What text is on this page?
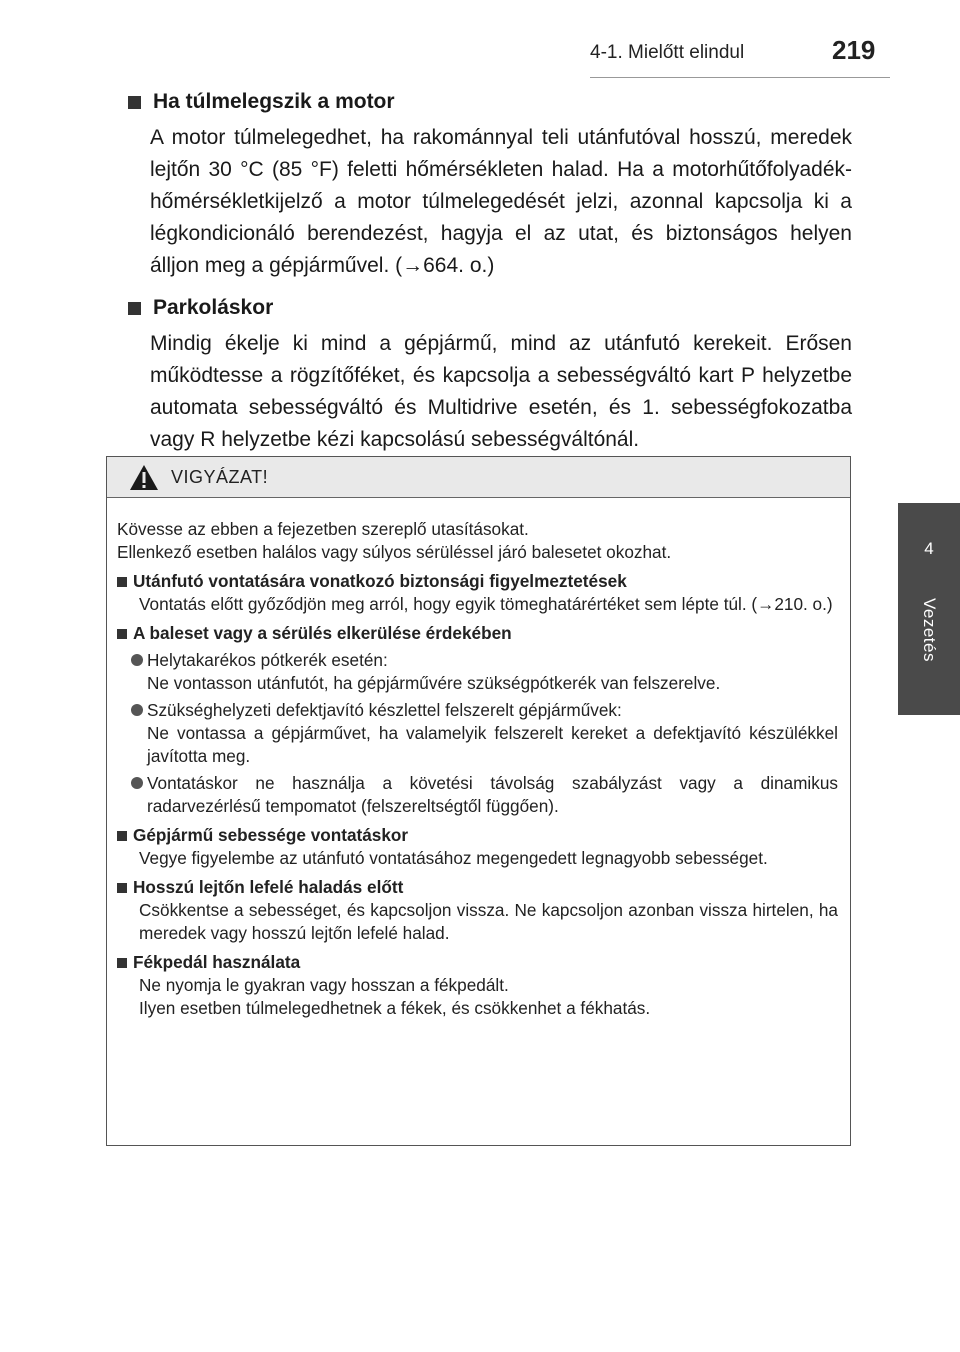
4-1. Mielőtt elindul	219
4
Vezetés
Ha túlmelegszik a motor
A motor túlmelegedhet, ha rakománnyal teli utánfutóval hosszú, meredek lejtőn 30 °C (85 °F) feletti hőmérsékleten halad. Ha a motorhűtőfolyadék-hőmérsékletkijelző a motor túlmelegedését jelzi, azonnal kapcsolja ki a légkondicionáló berendezést, hagyja el az utat, és biztonságos helyen álljon meg a gépjárművel. (→664. o.)
Parkoláskor
Mindig ékelje ki mind a gépjármű, mind az utánfutó kerekeit. Erősen működtesse a rögzítőféket, és kapcsolja a sebességváltó kart P helyzetbe automata sebességváltó és Multidrive esetén, és 1. sebességfokozatba vagy R helyzetbe kézi kapcsolású sebességváltónál.
VIGYÁZAT!
Kövesse az ebben a fejezetben szereplő utasításokat.
Ellenkező esetben halálos vagy súlyos sérüléssel járó balesetet okozhat.
Utánfutó vontatására vonatkozó biztonsági figyelmeztetések
Vontatás előtt győződjön meg arról, hogy egyik tömeghatárértéket sem lépte túl. (→210. o.)
A baleset vagy a sérülés elkerülése érdekében
Helytakarékos pótkerék esetén:
Ne vontasson utánfutót, ha gépjárművére szükségpótkerék van felszerelve.
Szükséghelyzeti defektjavító készlettel felszerelt gépjárművek:
Ne vontassa a gépjárművet, ha valamelyik felszerelt kereket a defektjavító készülékkel javította meg.
Vontatáskor ne használja a követési távolság szabályzást vagy a dinamikus radarvezérlésű tempomatot (felszereltségtől függően).
Gépjármű sebessége vontatáskor
Vegye figyelembe az utánfutó vontatásához megengedett legnagyobb sebességet.
Hosszú lejtőn lefelé haladás előtt
Csökkentse a sebességet, és kapcsoljon vissza. Ne kapcsoljon azonban vissza hirtelen, ha meredek vagy hosszú lejtőn lefelé halad.
Fékpedál használata
Ne nyomja le gyakran vagy hosszan a fékpedált.
Ilyen esetben túlmelegedhetnek a fékek, és csökkenhet a fékhatás.
